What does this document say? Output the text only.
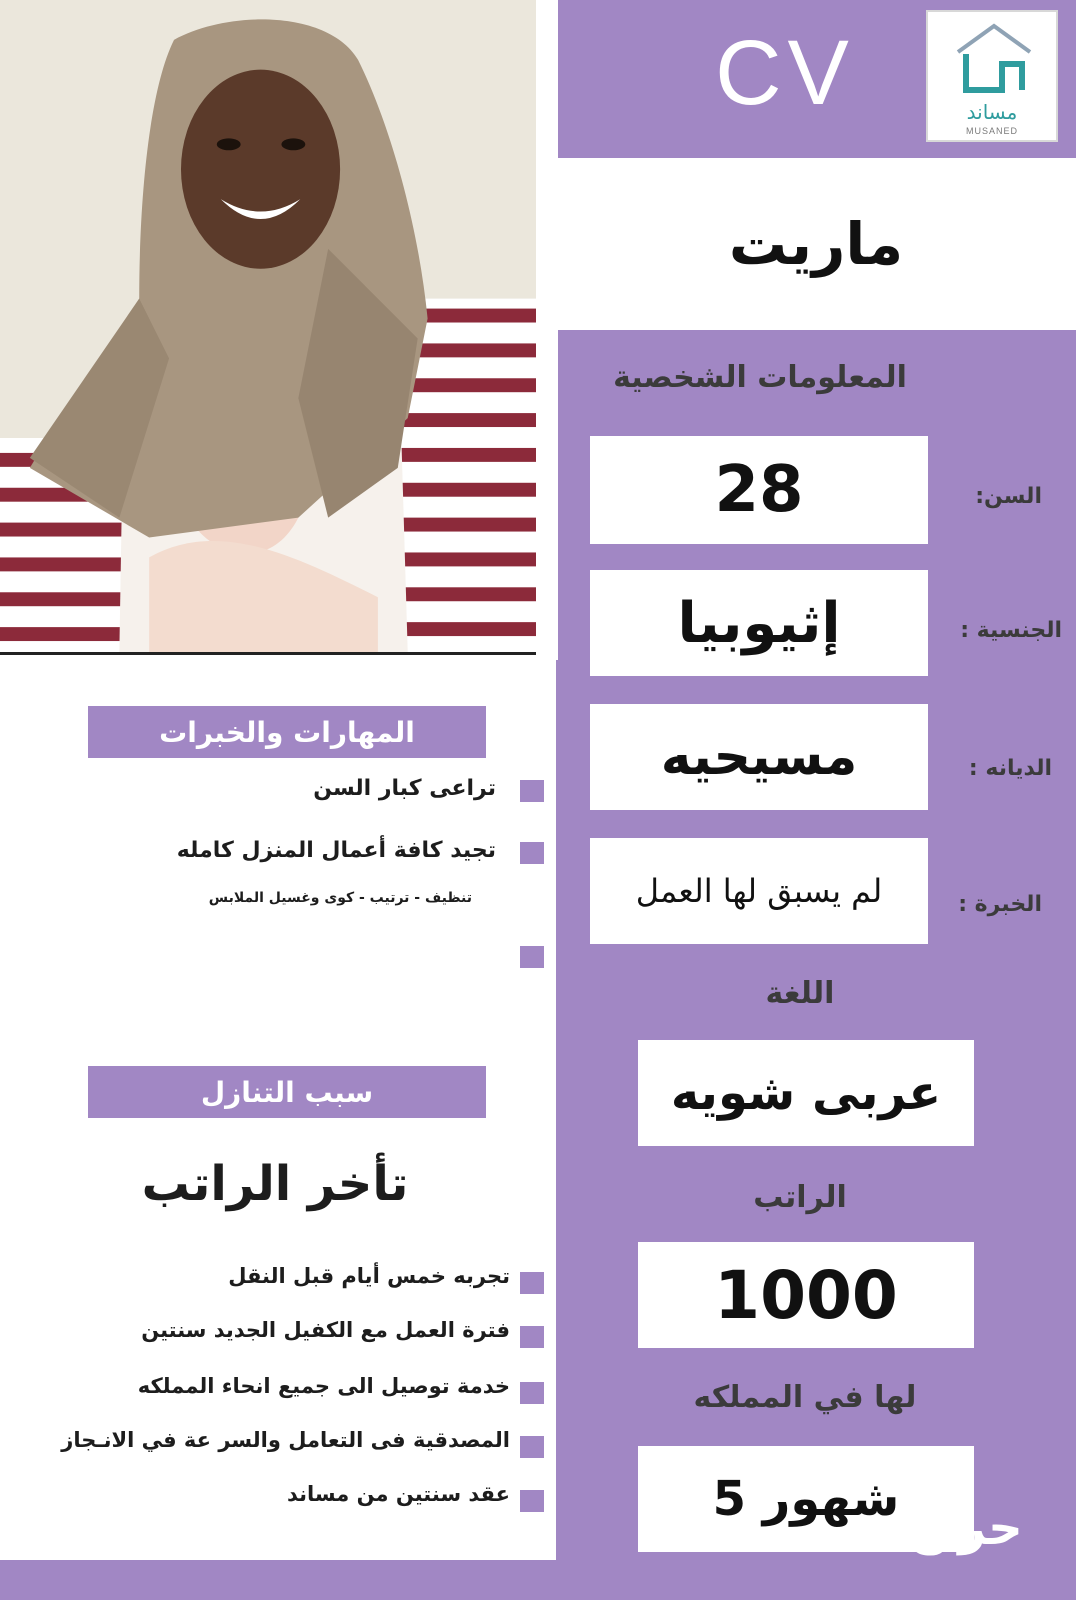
CV	مساند
MUSANED
ماريت
المعلومات الشخصية
28	السن:
إثيوبيا	الجنسية :
مسيحيه	الديانه :
لم يسبق لها العمل	الخبرة :
اللغة
عربى شويه
الراتب
1000
لها في المملكه
5 شهور
المهارات والخبرات
تراعى كبار السن
تجيد كافة أعمال المنزل كامله
تنظيف - ترتيب - كوى وغسيل الملابس
سبب التنازل
تأخر الراتب
تجربه خمس أيام قبل النقل
فترة العمل مع الكفيل الجديد سنتين
خدمة توصيل الى جميع انحاء المملكه
المصدقية فى التعامل والسر عة في الانـجاز
عقد سنتين من مساند
حراج
